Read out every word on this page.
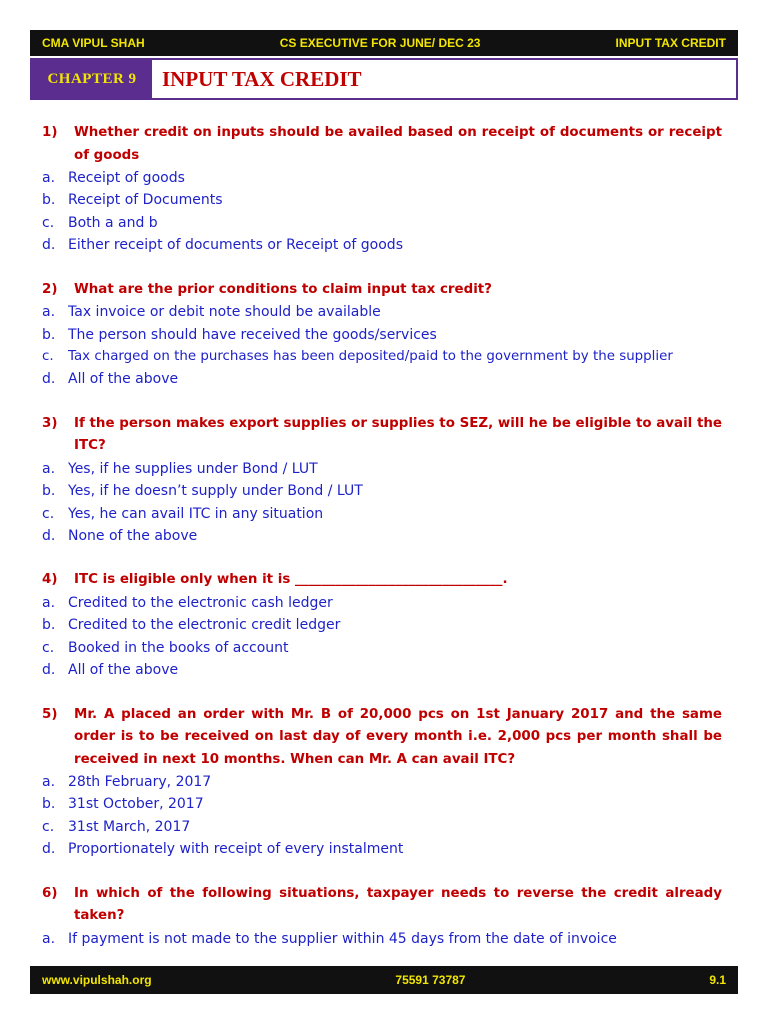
CMA VIPUL SHAH	CS EXECUTIVE FOR JUNE/ DEC 23	INPUT TAX CREDIT
CHAPTER 9	INPUT TAX CREDIT

1) Whether credit on inputs should be availed based on receipt of documents or receipt of goods

a. Receipt of goods

b. Receipt of Documents

c. Both a and b

d. Either receipt of documents or Receipt of goods

2) What are the prior conditions to claim input tax credit?

a. Tax invoice or debit note should be available

b. The person should have received the goods/services

c. Tax charged on the purchases has been deposited/paid to the government by the supplier

d. All of the above

3) If the person makes export supplies or supplies to SEZ, will he be eligible to avail the ITC?

a. Yes, if he supplies under Bond / LUT

b. Yes, if he doesn’t supply under Bond / LUT

c. Yes, he can avail ITC in any situation

d. None of the above

4) ITC is eligible only when it is _______________________________.

a. Credited to the electronic cash ledger

b. Credited to the electronic credit ledger

c. Booked in the books of account

d. All of the above

5) Mr. A placed an order with Mr. B of 20,000 pcs on 1st January 2017 and the same order is to be received on last day of every month i.e. 2,000 pcs per month shall be received in next 10 months. When can Mr. A can avail ITC?

a. 28th February, 2017

b. 31st October, 2017

c. 31st March, 2017

d. Proportionately with receipt of every instalment

6) In which of the following situations, taxpayer needs to reverse the credit already taken?

a. If payment is not made to the supplier within 45 days from the date of invoice

www.vipulshah.org	75591 73787	9.1
